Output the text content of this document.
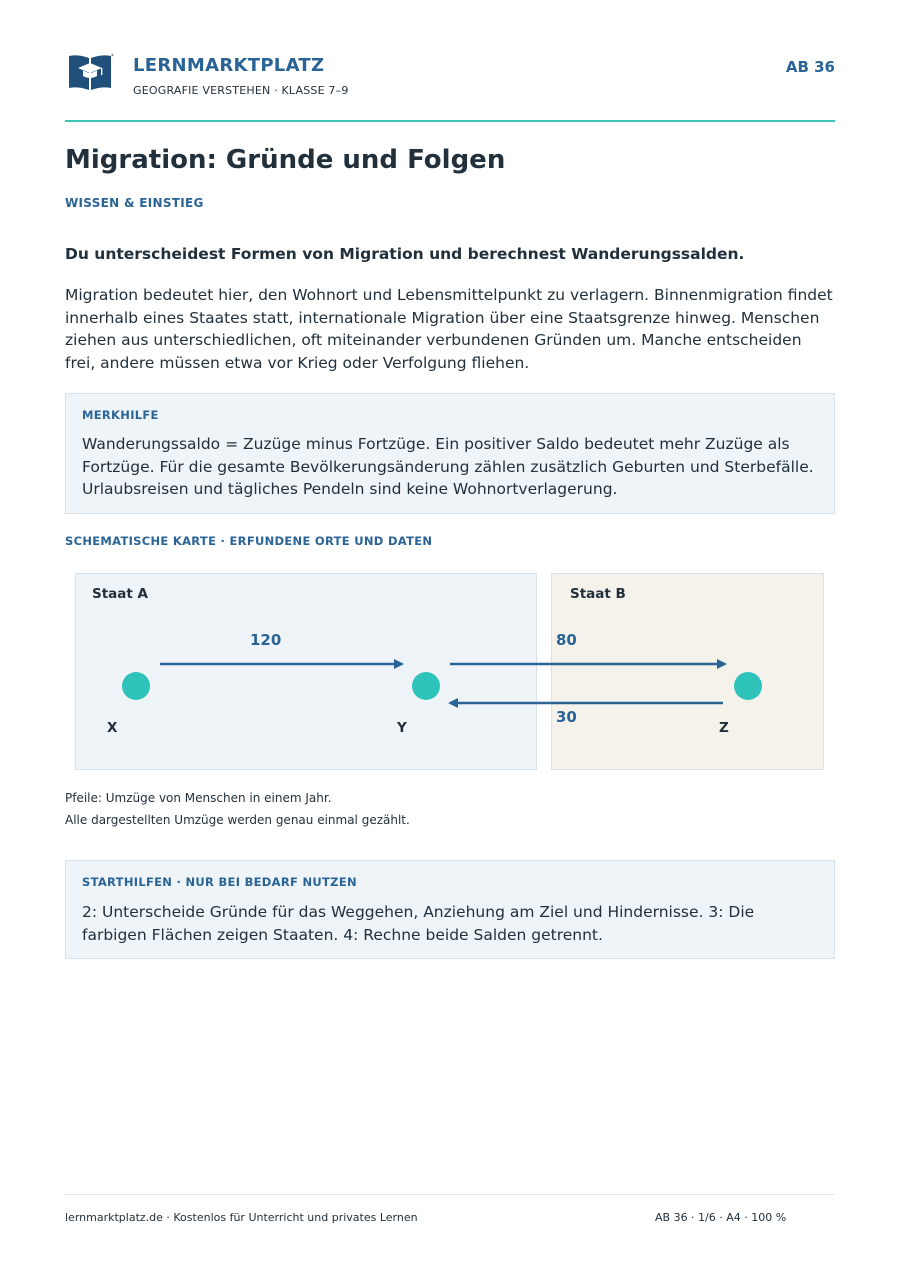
LERNMARKTPLATZ
GEOGRAFIE VERSTEHEN · KLASSE 7–9
AB 36
Migration: Gründe und Folgen
WISSEN & EINSTIEG
Du unterscheidest Formen von Migration und berechnest Wanderungssalden.

Migration bedeutet hier, den Wohnort und Lebensmittelpunkt zu verlagern. Binnenmigration findet innerhalb eines Staates statt, internationale Migration über eine Staatsgrenze hinweg. Menschen ziehen aus unterschiedlichen, oft miteinander verbundenen Gründen um. Manche entscheiden frei, andere müssen etwa vor Krieg oder Verfolgung fliehen.

MERKHILFE

Wanderungssaldo = Zuzüge minus Fortzüge. Ein positiver Saldo bedeutet mehr Zuzüge als Fortzüge. Für die gesamte Bevölkerungsänderung zählen zusätzlich Geburten und Sterbefälle. Urlaubsreisen und tägliches Pendeln sind keine Wohnortverlagerung.

SCHEMATISCHE KARTE · ERFUNDENE ORTE UND DATEN
Staat A	Staat B
120	80
30
X	Y	Z
Pfeile: Umzüge von Menschen in einem Jahr.
Alle dargestellten Umzüge werden genau einmal gezählt.
STARTHILFEN · NUR BEI BEDARF NUTZEN

2: Unterscheide Gründe für das Weggehen, Anziehung am Ziel und Hindernisse. 3: Die farbigen Flächen zeigen Staaten. 4: Rechne beide Salden getrennt.

lernmarktplatz.de · Kostenlos für Unterricht und privates Lernen	AB 36 · 1/6 · A4 · 100 %
